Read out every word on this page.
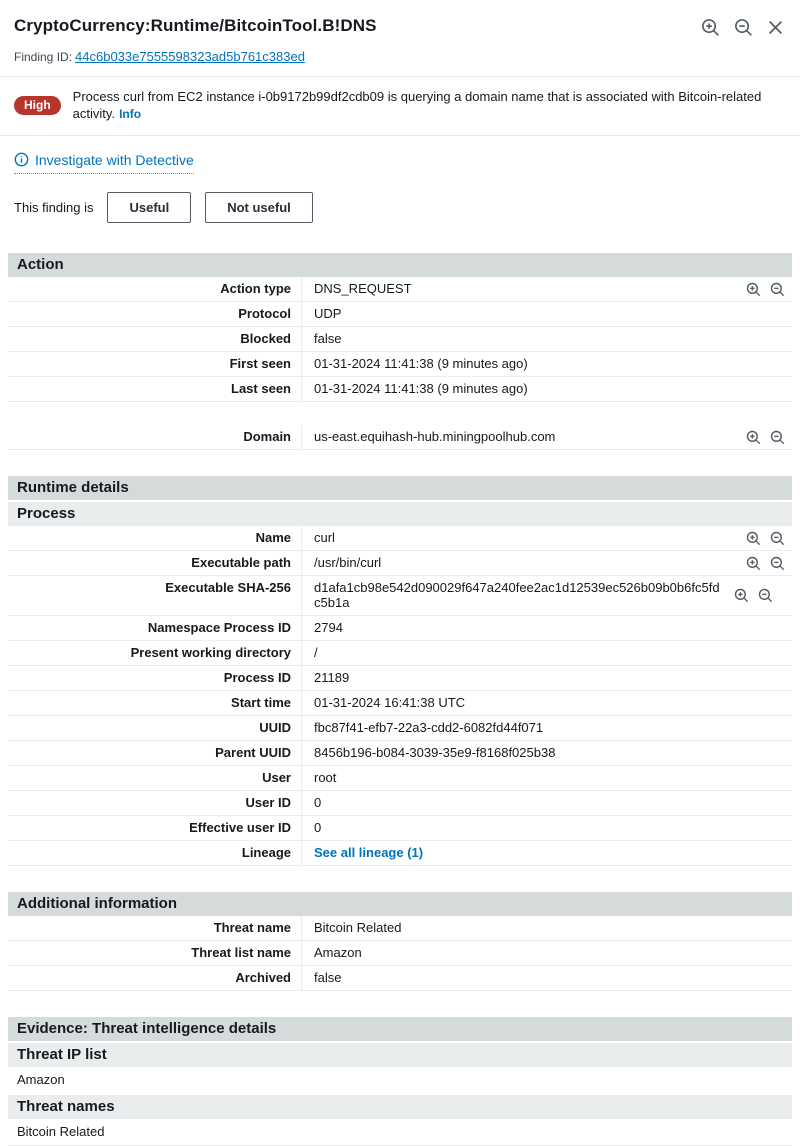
CryptoCurrency:Runtime/BitcoinTool.B!DNS
Finding ID: 44c6b033e7555598323ad5b761c383ed
High
Process curl from EC2 instance i-0b9172b99df2cdb09 is querying a domain name that is associated with Bitcoin-related activity. Info
Investigate with Detective
This finding is	Useful	Not useful
Action
Action type	DNS_REQUEST
Protocol	UDP
Blocked	false
First seen	01-31-2024 11:41:38 (9 minutes ago)
Last seen	01-31-2024 11:41:38 (9 minutes ago)
Domain	us-east.equihash-hub.miningpoolhub.com
Runtime details
Process
Name	curl
Executable path	/usr/bin/curl
Executable SHA-256	d1afa1cb98e542d090029f647a240fee2ac1d12539ec526b09b0b6fc5fdc5b1a
Namespace Process ID	2794
Present working directory	/
Process ID	21189
Start time	01-31-2024 16:41:38 UTC
UUID	fbc87f41-efb7-22a3-cdd2-6082fd44f071
Parent UUID	8456b196-b084-3039-35e9-f8168f025b38
User	root
User ID	0
Effective user ID	0
Lineage	See all lineage (1)
Additional information
Threat name	Bitcoin Related
Threat list name	Amazon
Archived	false
Evidence: Threat intelligence details
Threat IP list
Amazon
Threat names
Bitcoin Related
